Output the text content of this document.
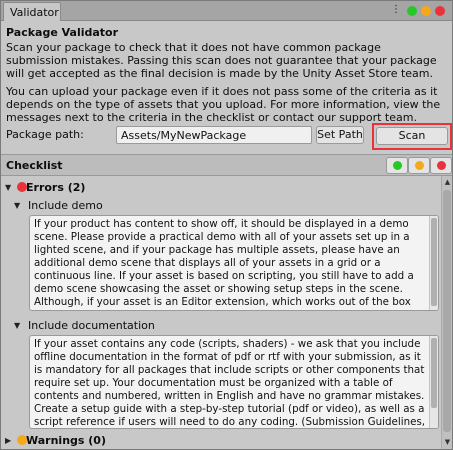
Validator	⋮
Package Validator
Scan your package to check that it does not have common package submission mistakes. Passing this scan does not guarantee that your package will get accepted as the final decision is made by the Unity Asset Store team.
You can upload your package even if it does not pass some of the criteria as it depends on the type of assets that you upload. For more information, view the messages next to the criteria in the checklist or contact our support team.
Package path:
Assets/MyNewPackage	Set Path	Scan
Checklist
▼ Errors (2)
▼ Include demo
If your product has content to show off, it should be displayed in a demo scene. Please provide a practical demo with all of your assets set up in a lighted scene, and if your package has multiple assets, please have an additional demo scene that displays all of your assets in a grid or a continuous line. If your asset is based on scripting, you still have to add a demo scene showcasing the asset or showing setup steps in the scene. Although, if your asset is an Editor extension, which works out of the box
▼ Include documentation
If your asset contains any code (scripts, shaders) - we ask that you include offline documentation in the format of pdf or rtf with your submission, as it is mandatory for all packages that include scripts or other components that require set up. Your documentation must be organized with a table of contents and numbered, written in English and have no grammar mistakes. Create a setup guide with a step-by-step tutorial (pdf or video), as well as a script reference if users will need to do any coding. (Submission Guidelines,
▶ Warnings (0)
▲
▼
